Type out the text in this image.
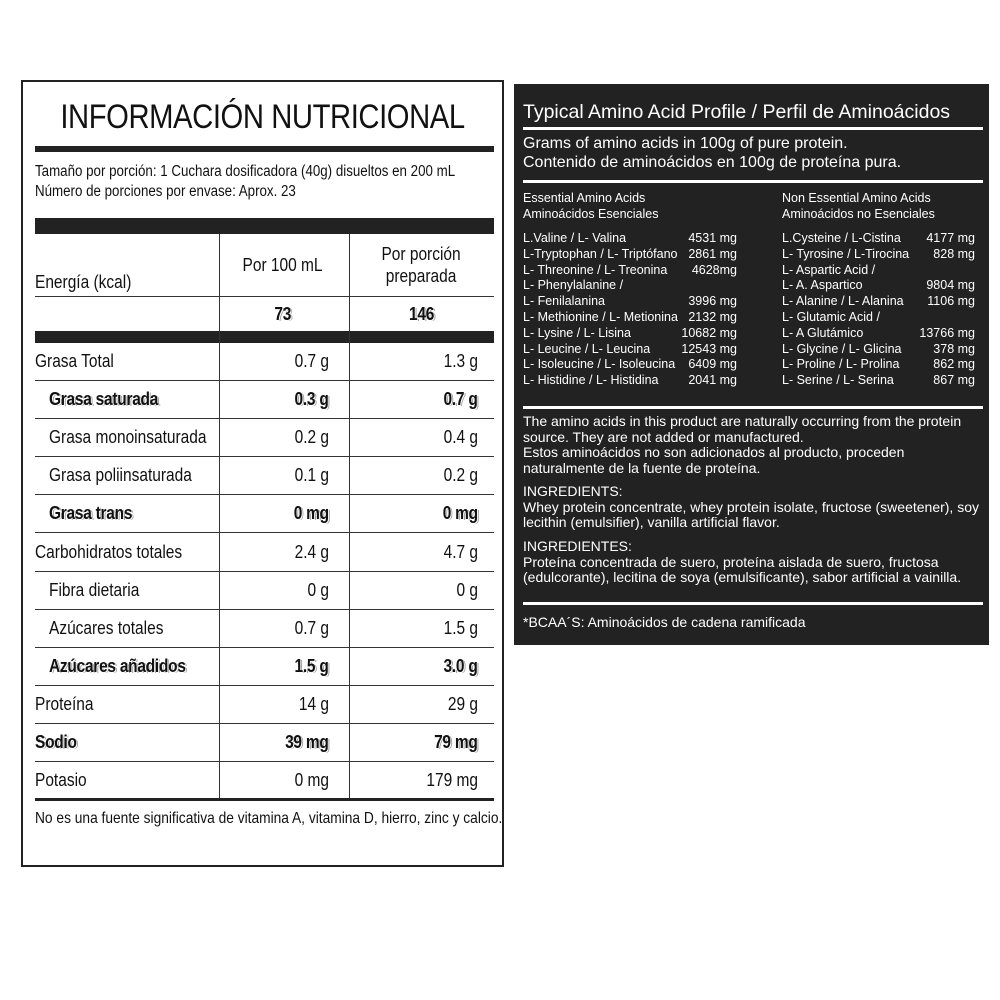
INFORMACIÓN NUTRICIONAL
Tamaño por porción: 1 Cuchara dosificadora (40g) disueltos en 200 mL
Número de porciones por envase: Aprox. 23
Energía (kcal)
Por 100 mL
Por porción
preparada
73	146
Grasa Total	0.7 g	1.3 g
Grasa saturada	0.3 g	0.7 g
Grasa monoinsaturada	0.2 g	0.4 g
Grasa poliinsaturada	0.1 g	0.2 g
Grasa trans	0 mg	0 mg
Carbohidratos totales	2.4 g	4.7 g
Fibra dietaria	0 g	0 g
Azúcares totales	0.7 g	1.5 g
Azúcares añadidos	1.5 g	3.0 g
Proteína	14 g	29 g
Sodio	39 mg	79 mg
Potasio	0 mg	179 mg
No es una fuente significativa de vitamina A, vitamina D, hierro, zinc y calcio.
Typical Amino Acid Profile / Perfil de Aminoácidos
Grams of amino acids in 100g of pure protein.
Contenido de aminoácidos en 100g de proteína pura.
Essential Amino Acids
Aminoácidos Esenciales
Non Essential Amino Acids
Aminoácidos no Esenciales
L.Valine / L- Valina	4531 mg
L-Tryptophan / L- Triptófano 2861 mg
L- Threonine / L- Treonina 4628mg
L- Phenylalanine /
L- Fenilalanina	3996 mg
L- Methionine / L- Metionina 2132 mg
L- Lysine / L- Lisina	10682 mg
L- Leucine / L- Leucina 12543 mg
L- Isoleucine / L- Isoleucina 6409 mg
L- Histidine / L- Histidina 2041 mg
L.Cysteine / L-Cistina 4177 mg
L- Tyrosine / L-Tirocina 828 mg
L- Aspartic Acid /
L- A. Aspartico	9804 mg
L- Alanine / L- Alanina 1106 mg
L- Glutamic Acid /
L- A Glutámico	13766 mg
L- Glycine / L- Glicina	378 mg
L- Proline / L- Prolina	862 mg
L- Serine / L- Serina	867 mg
The amino acids in this product are naturally occurring from the protein source. They are not added or manufactured.
Estos aminoácidos no son adicionados al producto, proceden naturalmente de la fuente de proteína.
INGREDIENTS:
Whey protein concentrate, whey protein isolate, fructose (sweetener), soy lecithin (emulsifier), vanilla artificial flavor.
INGREDIENTES:
Proteína concentrada de suero, proteína aislada de suero, fructosa (edulcorante), lecitina de soya (emulsificante), sabor artificial a vainilla.
*BCAA´S: Aminoácidos de cadena ramificada
